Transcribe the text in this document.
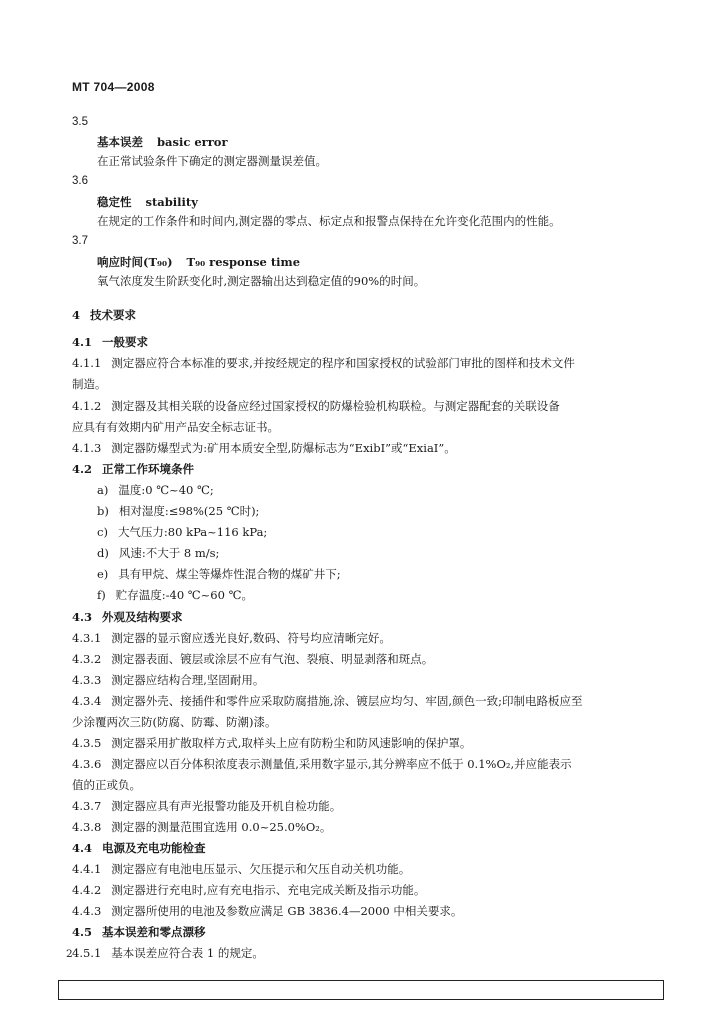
MT 704—2008
3.5
基本误差 basic error
在正常试验条件下确定的测定器测量误差值。
3.6
稳定性 stability
在规定的工作条件和时间内,测定器的零点、标定点和报警点保持在允许变化范围内的性能。
3.7
响应时间(T₉₀) T₉₀ response time
氧气浓度发生阶跃变化时,测定器输出达到稳定值的90%的时间。
4 技术要求
4.1 一般要求
4.1.1 测定器应符合本标准的要求,并按经规定的程序和国家授权的试验部门审批的图样和技术文件
制造。
4.1.2 测定器及其相关联的设备应经过国家授权的防爆检验机构联检。与测定器配套的关联设备
应具有有效期内矿用产品安全标志证书。
4.1.3 测定器防爆型式为:矿用本质安全型,防爆标志为“ExibI”或“ExiaI”。
4.2 正常工作环境条件
a) 温度:0 ℃~40 ℃;
b) 相对湿度:≤98%(25 ℃时);
c) 大气压力:80 kPa~116 kPa;
d) 风速:不大于 8 m/s;
e) 具有甲烷、煤尘等爆炸性混合物的煤矿井下;
f) 贮存温度:-40 ℃~60 ℃。
4.3 外观及结构要求
4.3.1 测定器的显示窗应透光良好,数码、符号均应清晰完好。
4.3.2 测定器表面、镀层或涂层不应有气泡、裂痕、明显剥落和斑点。
4.3.3 测定器应结构合理,坚固耐用。
4.3.4 测定器外壳、接插件和零件应采取防腐措施,涂、镀层应均匀、牢固,颜色一致;印制电路板应至
少涂覆两次三防(防腐、防霉、防潮)漆。
4.3.5 测定器采用扩散取样方式,取样头上应有防粉尘和防风速影响的保护罩。
4.3.6 测定器应以百分体积浓度表示测量值,采用数字显示,其分辨率应不低于 0.1%O₂,并应能表示
值的正或负。
4.3.7 测定器应具有声光报警功能及开机自检功能。
4.3.8 测定器的测量范围宜选用 0.0~25.0%O₂。
4.4 电源及充电功能检查
4.4.1 测定器应有电池电压显示、欠压提示和欠压自动关机功能。
4.4.2 测定器进行充电时,应有充电指示、充电完成关断及指示功能。
4.4.3 测定器所使用的电池及参数应满足 GB 3836.4—2000 中相关要求。
4.5 基本误差和零点漂移
4.5.1 基本误差应符合表 1 的规定。
2
